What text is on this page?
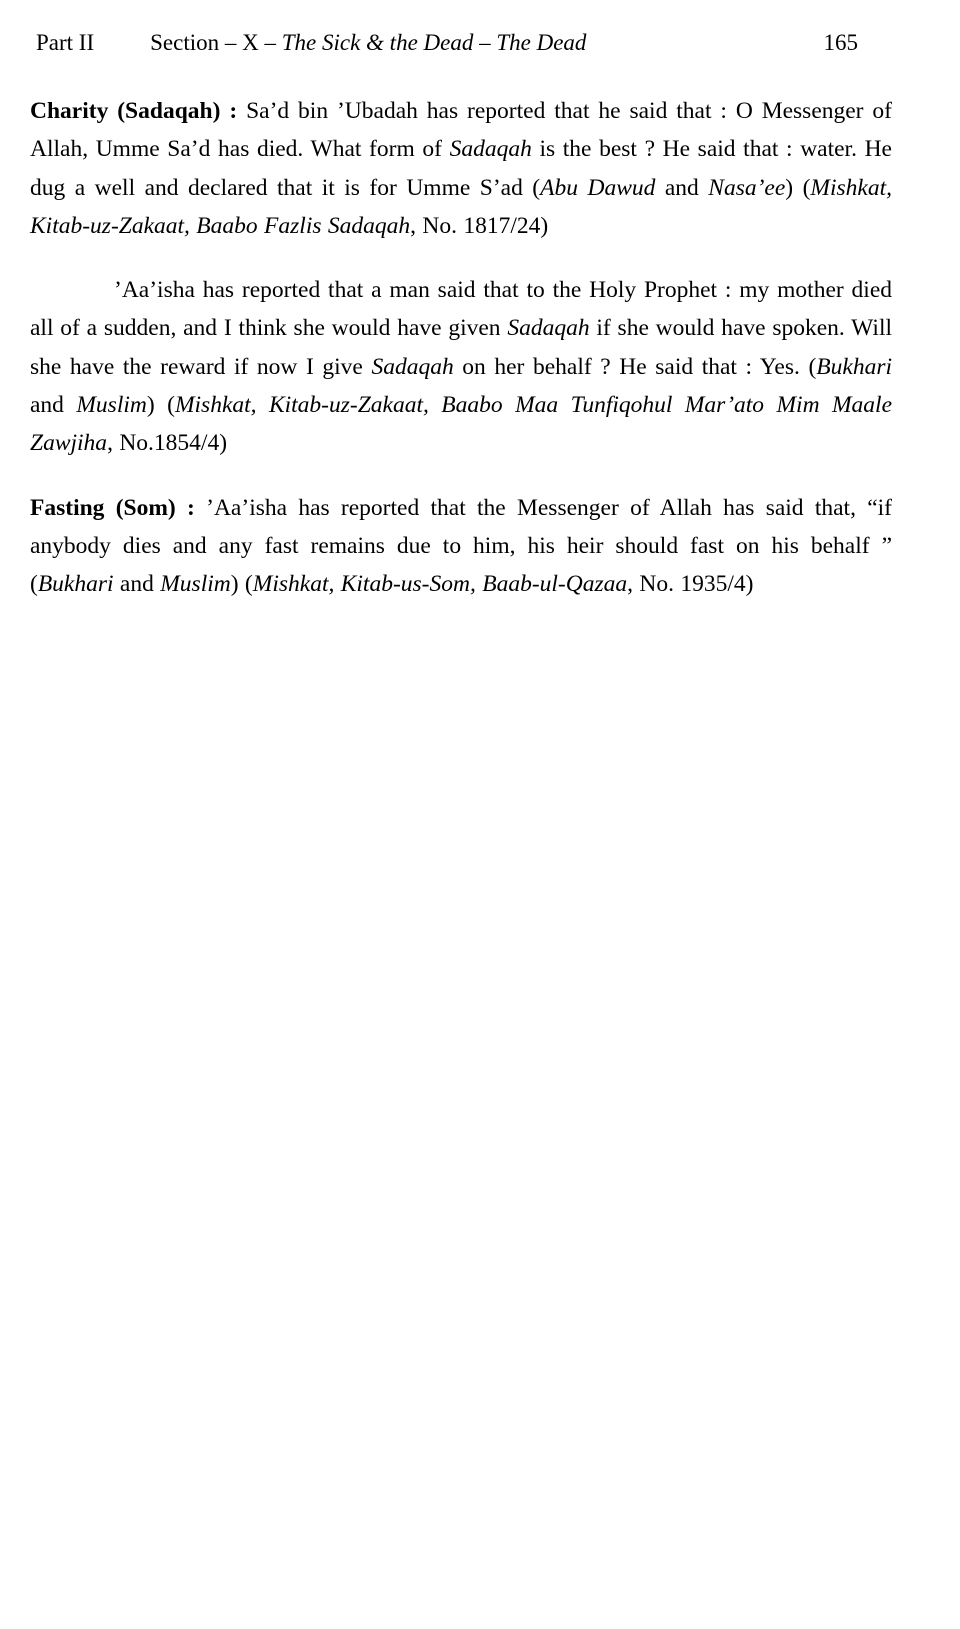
Part II Section – X – The Sick & the Dead – The Dead	165

Charity (Sadaqah) : Sa’d bin ’Ubadah has reported that he said that : O Messenger of Allah, Umme Sa’d has died. What form of Sadaqah is the best ? He said that : water. He dug a well and declared that it is for Umme S’ad (Abu Dawud and Nasa’ee) (Mishkat, Kitab-uz-Zakaat, Baabo Fazlis Sadaqah, No. 1817/24)

’Aa’isha has reported that a man said that to the Holy Prophet : my mother died all of a sudden, and I think she would have given Sadaqah if she would have spoken. Will she have the reward if now I give Sadaqah on her behalf ? He said that : Yes. (Bukhari and Muslim) (Mishkat, Kitab-uz-Zakaat, Baabo Maa Tunfiqohul Mar’ato Mim Maale Zawjiha, No.1854/4)

Fasting (Som) : ’Aa’isha has reported that the Messenger of Allah has said that, “if anybody dies and any fast remains due to him, his heir should fast on his behalf ” (Bukhari and Muslim) (Mishkat, Kitab-us-Som, Baab-ul-Qazaa, No. 1935/4)
